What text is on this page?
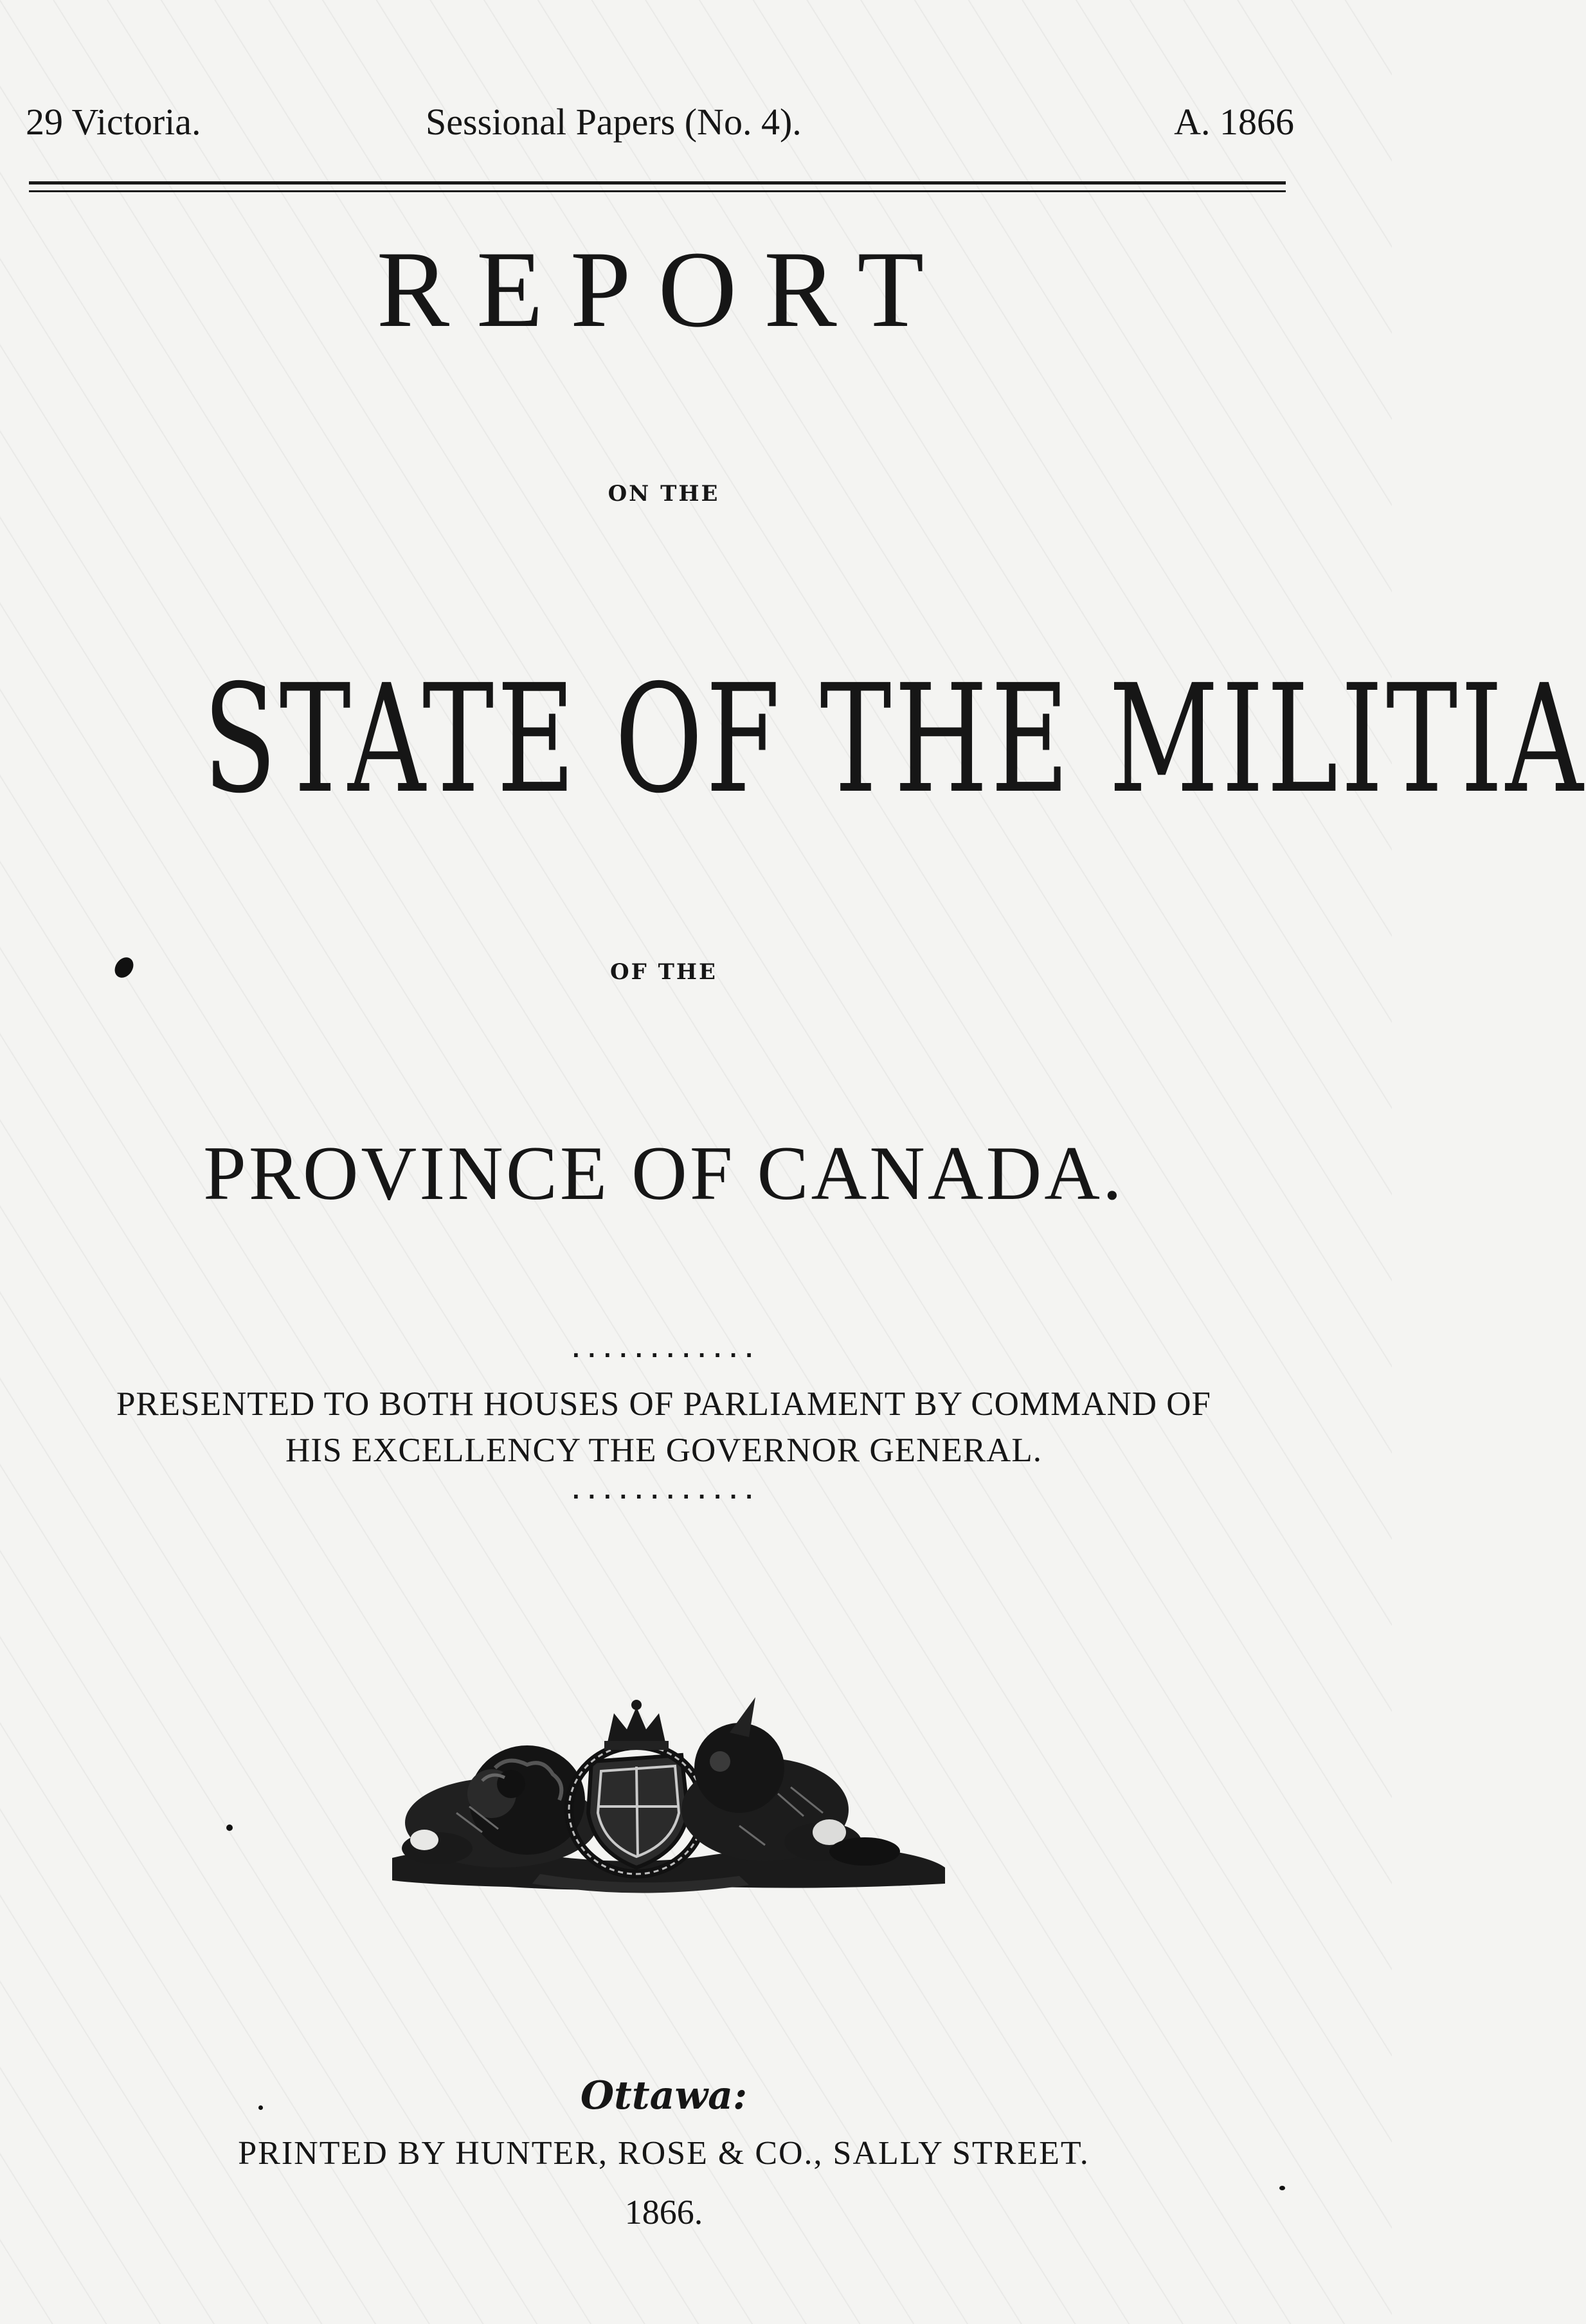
29 Victoria.	Sessional Papers (No. 4).	A. 1866
REPORT
ON THE
STATE OF THE MILITIA
OF THE
PROVINCE OF CANADA.
............
PRESENTED TO BOTH HOUSES OF PARLIAMENT BY COMMAND OF
HIS EXCELLENCY THE GOVERNOR GENERAL.
............
Ottawa:
PRINTED BY HUNTER, ROSE & CO., SALLY STREET.
1866.
